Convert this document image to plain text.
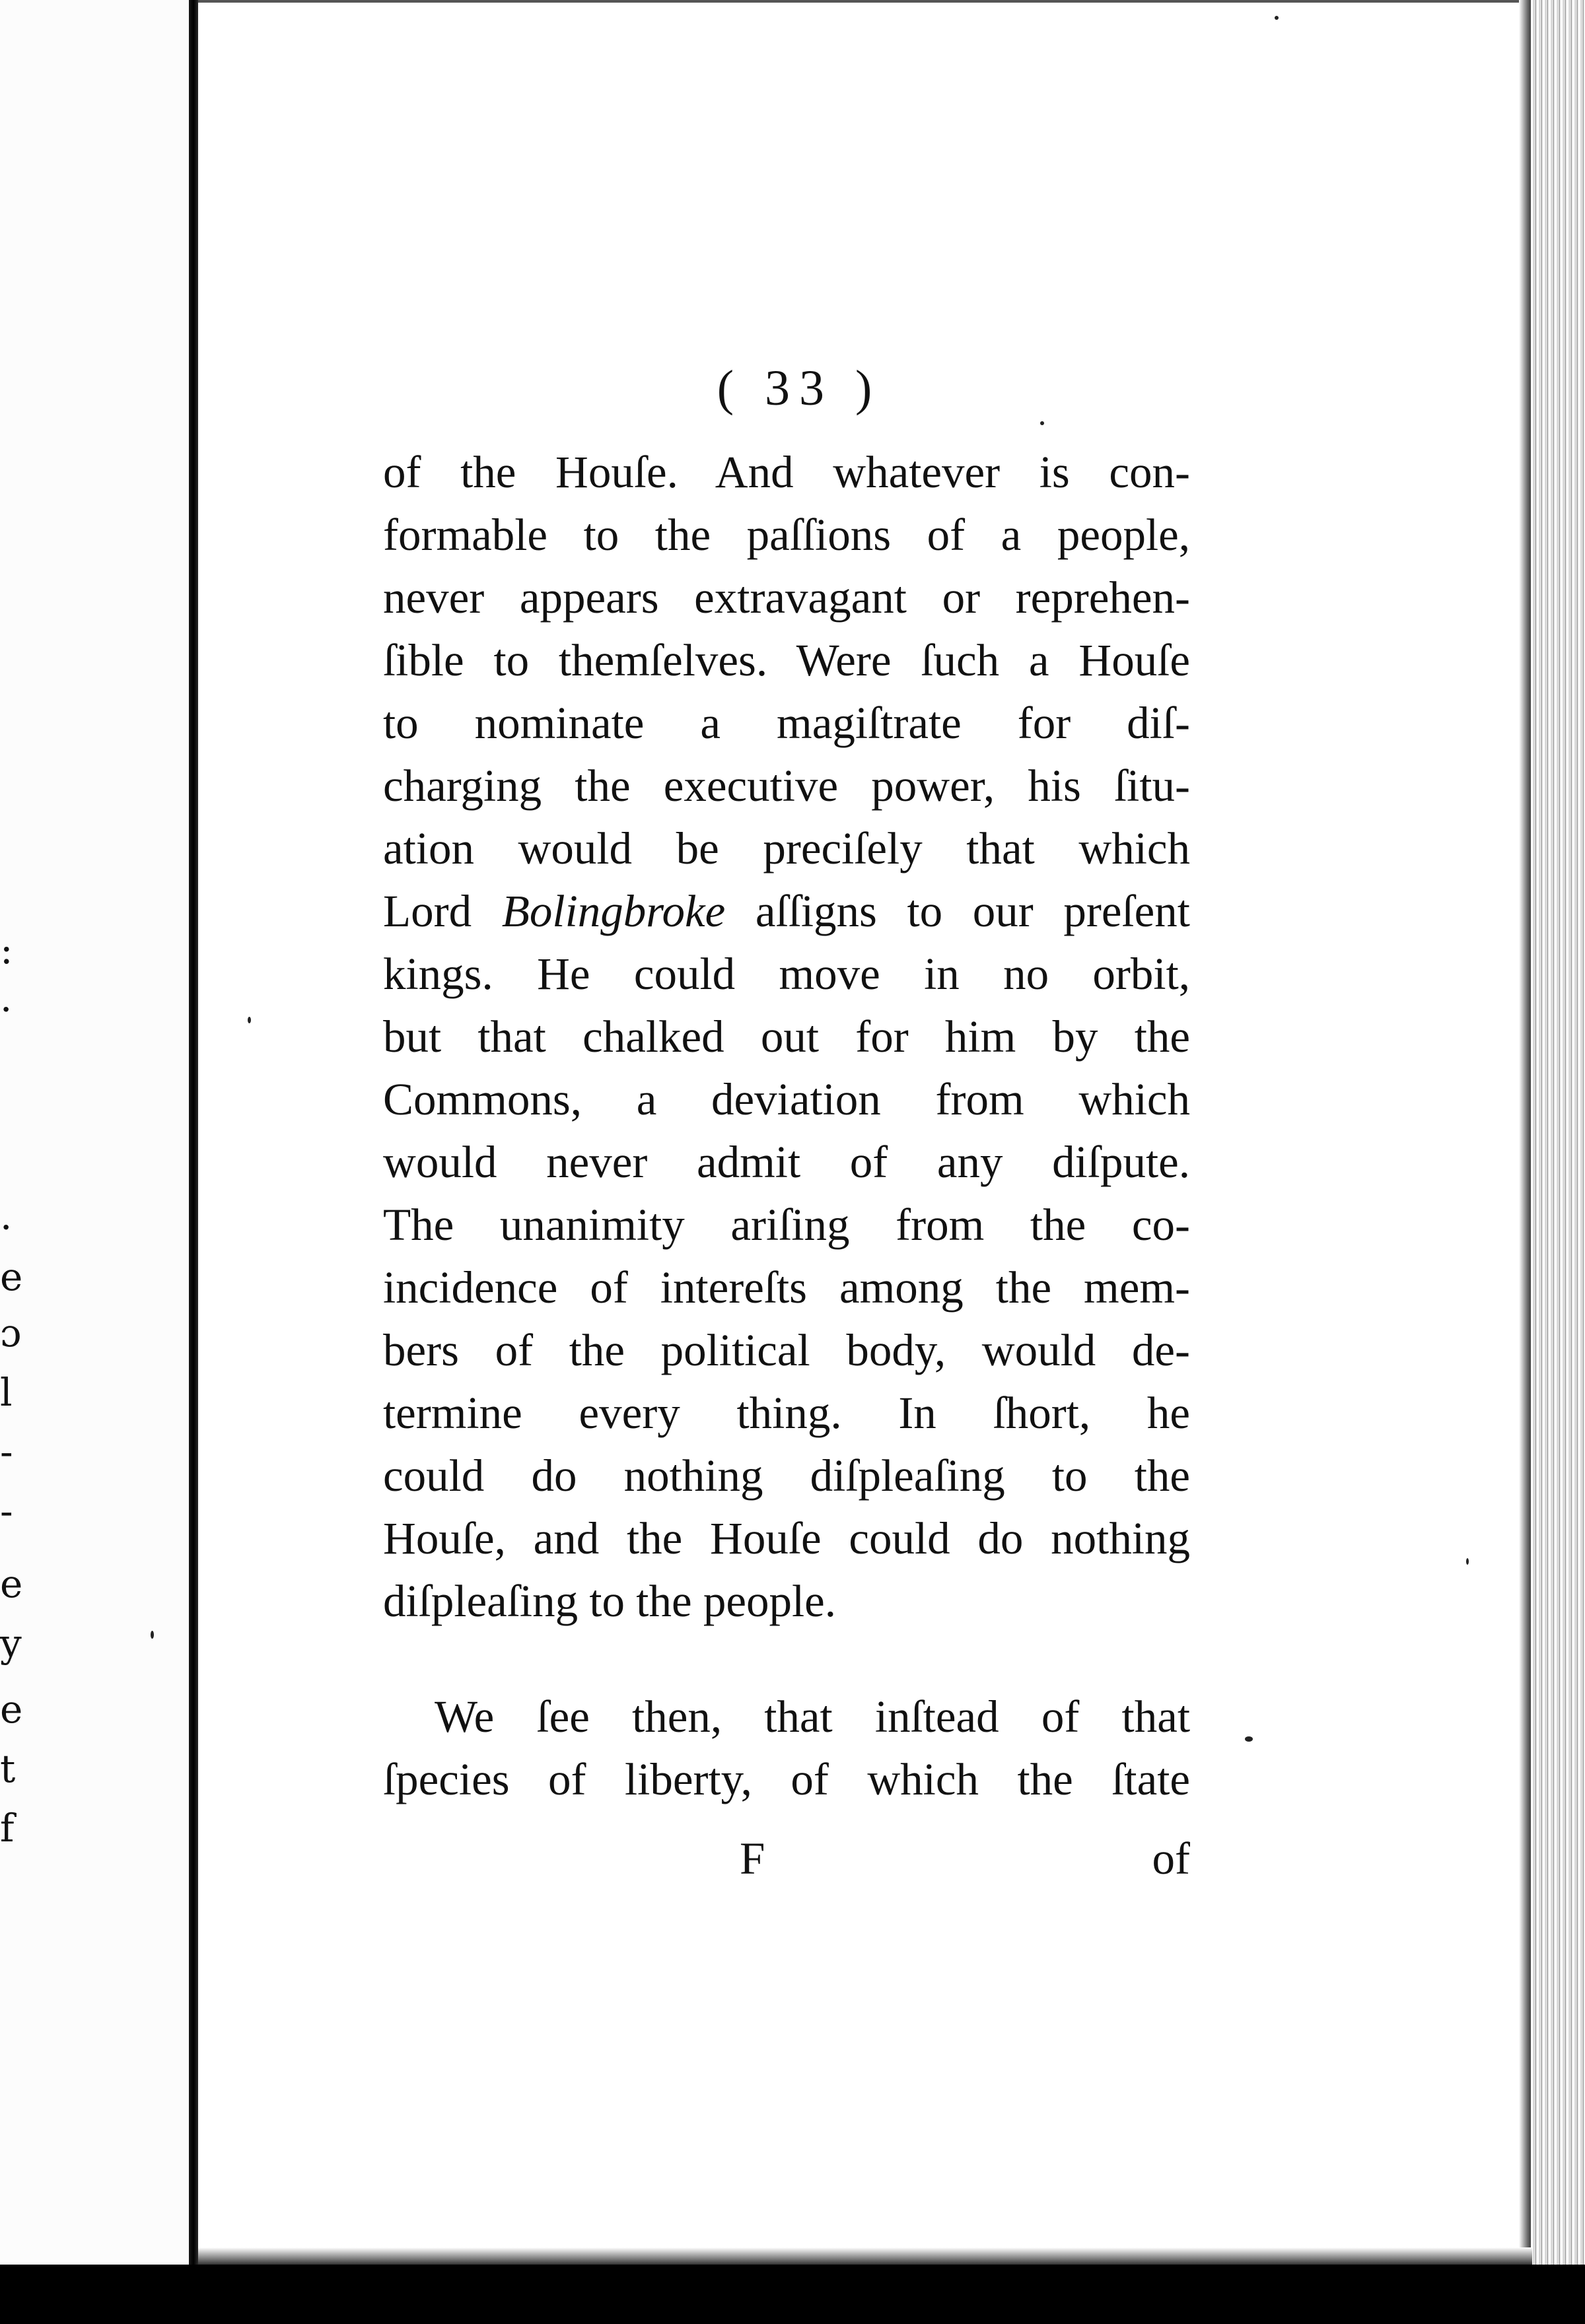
:
·
·
e
ɔ
l
-
-
e
y
e
t
f
( 33 )
of the Houſe. And whatever is con-
formable to the paſſions of a people,
never appears extravagant or reprehen-
ſible to themſelves. Were ſuch a Houſe
to nominate a magiſtrate for diſ-
charging the executive power, his ſitu-
ation would be preciſely that which
Lord Bolingbroke aſſigns to our preſent
kings. He could move in no orbit,
but that chalked out for him by the
Commons, a deviation from which
would never admit of any diſpute.
The unanimity ariſing from the co-
incidence of intereſts among the mem-
bers of the political body, would de-
termine every thing. In ſhort, he
could do nothing diſpleaſing to the
Houſe, and the Houſe could do nothing
diſpleaſing to the people.
We ſee then, that inſtead of that
ſpecies of liberty, of which the ſtate
F	of
